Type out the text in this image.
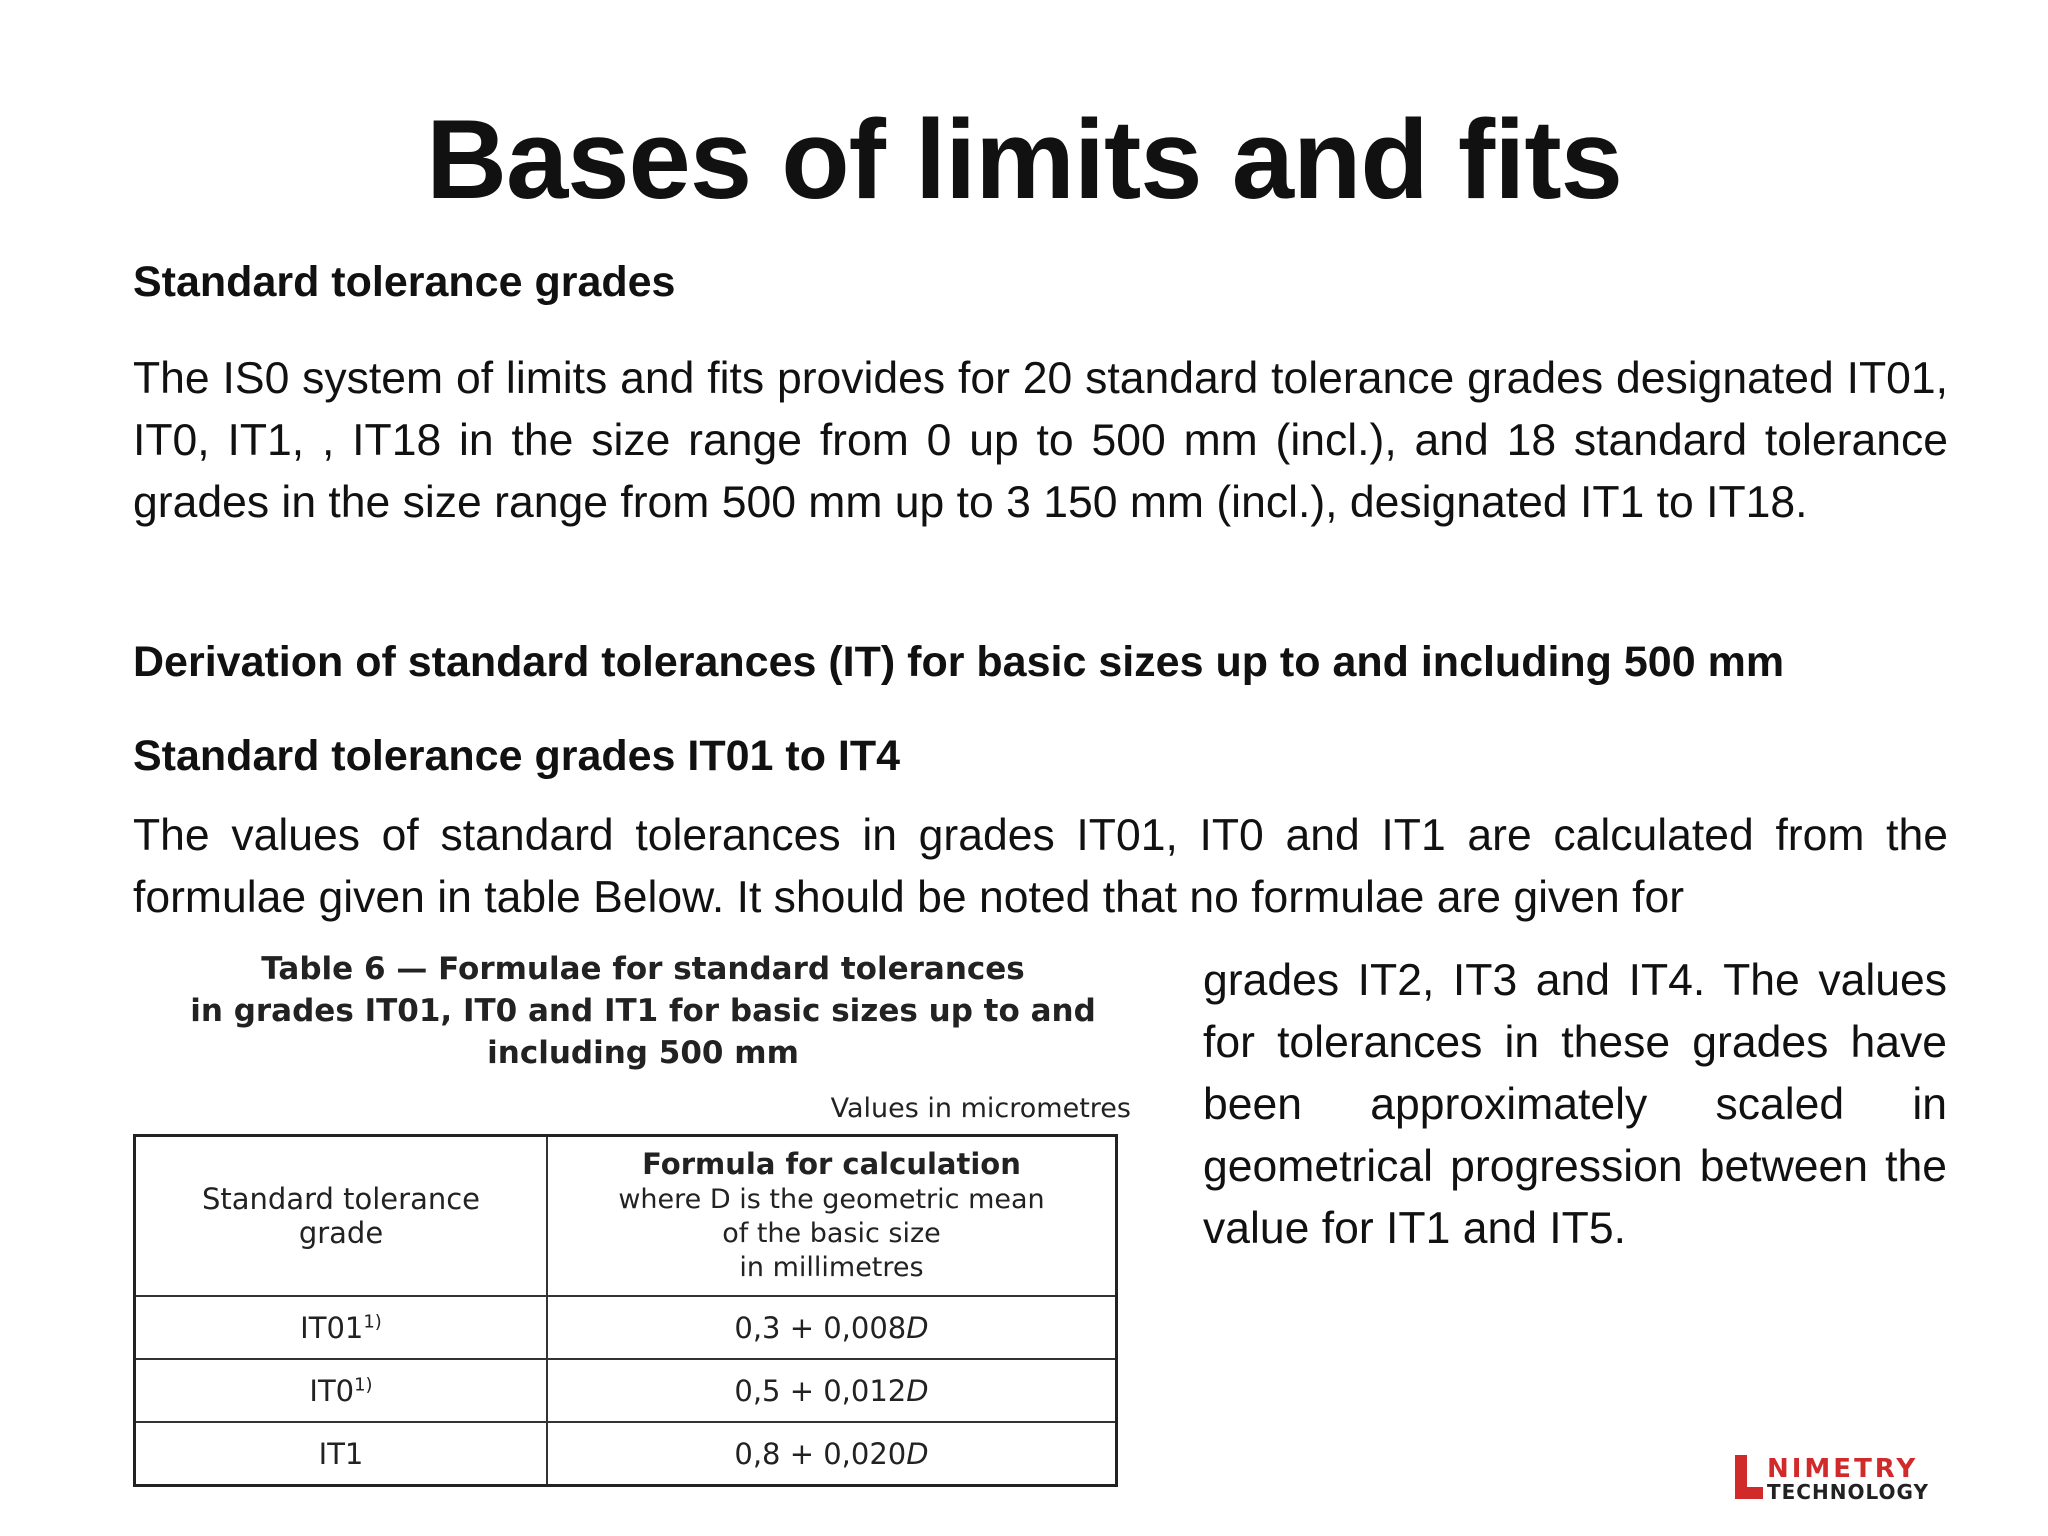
Bases of limits and fits
Standard tolerance grades

The IS0 system of limits and fits provides for 20 standard tolerance grades designated IT01, IT0, IT1, , IT18 in the size range from 0 up to 500 mm (incl.), and 18 standard tolerance grades in the size range from 500 mm up to 3 150 mm (incl.), designated IT1 to IT18.

Derivation of standard tolerances (IT) for basic sizes up to and including 500 mm
Standard tolerance grades IT01 to IT4

The values of standard tolerances in grades IT01, IT0 and IT1 are calculated from the formulae given in table Below. It should be noted that no formulae are given for

Table 6 — Formulae for standard tolerances
in grades IT01, IT0 and IT1 for basic sizes up to and
including 500 mm

Values in micrometres

Standard tolerance
grade	Formula for calculation
where D is the geometric mean
of the basic size
in millimetres
IT01$^{1)}$	0,3 + 0,008D
IT0$^{1)}$	0,5 + 0,012D
IT1	0,8 + 0,020D

grades IT2, IT3 and IT4. The values for tolerances in these grades have been approximately scaled in geometrical progression between the value for IT1 and IT5.

NIMETRY
TECHNOLOGY
